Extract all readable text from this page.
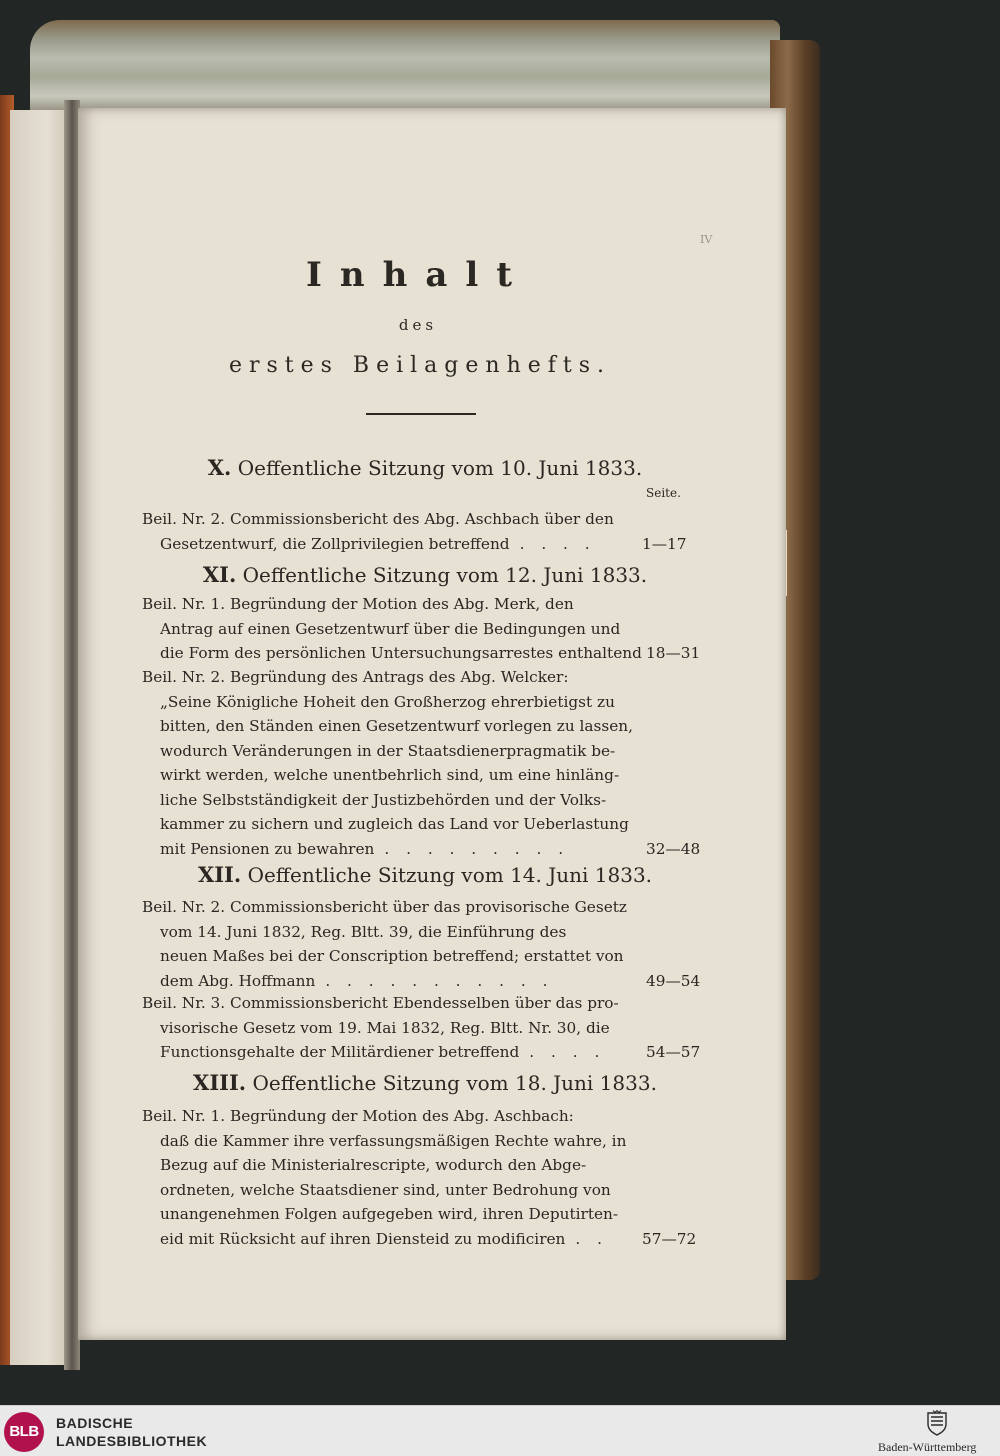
IV
Inhalt
des
erstes Beilagenhefts.
X. Oeffentliche Sitzung vom 10. Juni 1833.
Seite.
Beil. Nr. 2. Commissionsbericht des Abg. Aschbach über den
Gesetzentwurf, die Zollprivilegien betreffend . . . .	1—17
XI. Oeffentliche Sitzung vom 12. Juni 1833.
Beil. Nr. 1. Begründung der Motion des Abg. Merk, den
Antrag auf einen Gesetzentwurf über die Bedingungen und
die Form des persönlichen Untersuchungsarrestes enthaltend 18—31
Beil. Nr. 2. Begründung des Antrags des Abg. Welcker:
„Seine Königliche Hoheit den Großherzog ehrerbietigst zu
bitten, den Ständen einen Gesetzentwurf vorlegen zu lassen,
wodurch Veränderungen in der Staatsdienerpragmatik be-
wirkt werden, welche unentbehrlich sind, um eine hinläng-
liche Selbstständigkeit der Justizbehörden und der Volks-
kammer zu sichern und zugleich das Land vor Ueberlastung
mit Pensionen zu bewahren . . . . . . . . .	32—48
XII. Oeffentliche Sitzung vom 14. Juni 1833.
Beil. Nr. 2. Commissionsbericht über das provisorische Gesetz
vom 14. Juni 1832, Reg. Bltt. 39, die Einführung des
neuen Maßes bei der Conscription betreffend; erstattet von
dem Abg. Hoffmann . . . . . . . . . . .	49—54
Beil. Nr. 3. Commissionsbericht Ebendesselben über das pro-
visorische Gesetz vom 19. Mai 1832, Reg. Bltt. Nr. 30, die
Functionsgehalte der Militärdiener betreffend . . . .	54—57
XIII. Oeffentliche Sitzung vom 18. Juni 1833.
Beil. Nr. 1. Begründung der Motion des Abg. Aschbach:
daß die Kammer ihre verfassungsmäßigen Rechte wahre, in
Bezug auf die Ministerialrescripte, wodurch den Abge-
ordneten, welche Staatsdiener sind, unter Bedrohung von
unangenehmen Folgen aufgegeben wird, ihren Deputirten-
eid mit Rücksicht auf ihren Diensteid zu modificiren . . 57—72
BLB	BADISCHE
LANDESBIBLIOTHEK	Baden-Württemberg
